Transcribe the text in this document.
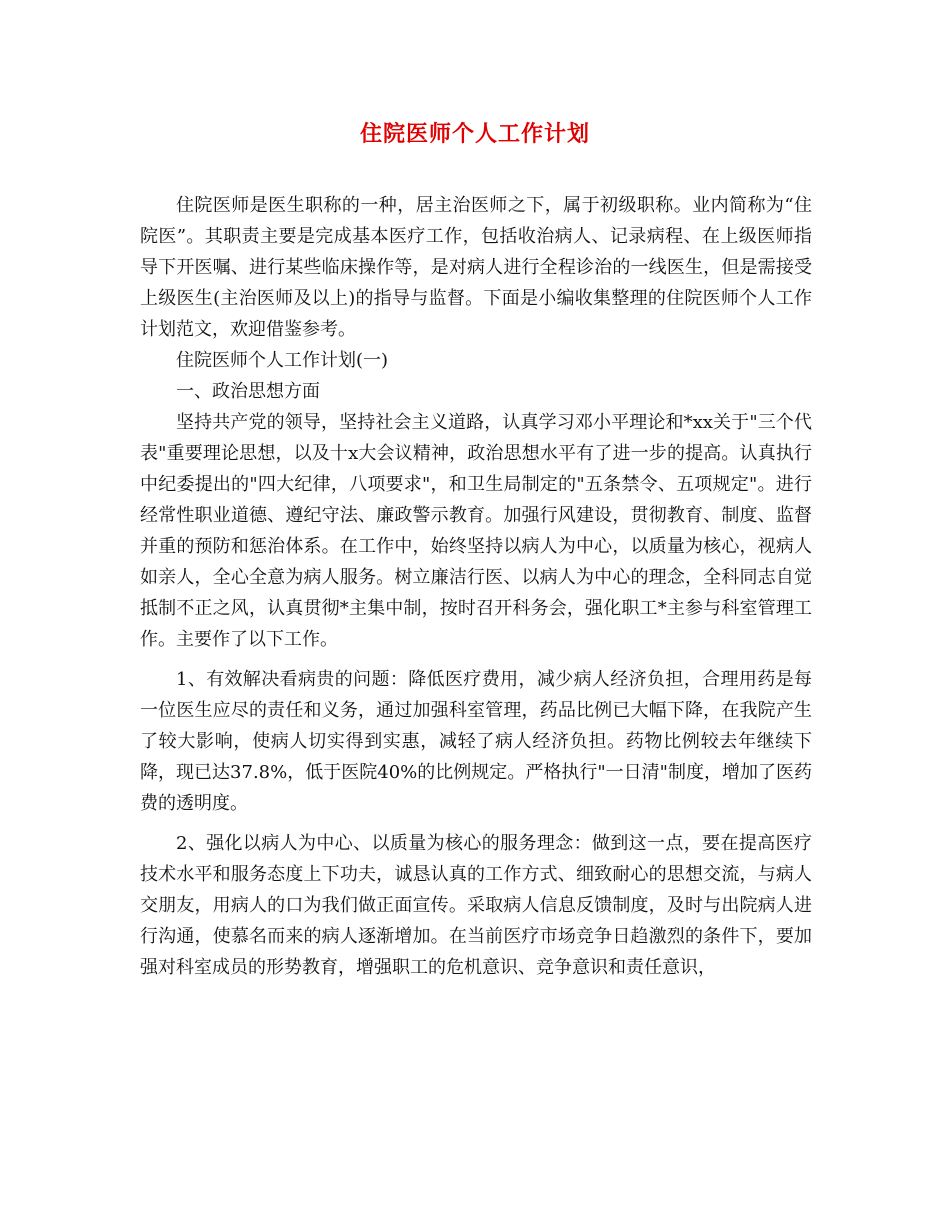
住院医师个人工作计划

住院医师是医生职称的一种，居主治医师之下，属于初级职称。业内简称为“住院医”。其职责主要是完成基本医疗工作，包括收治病人、记录病程、在上级医师指导下开医嘱、进行某些临床操作等，是对病人进行全程诊治的一线医生，但是需接受上级医生(主治医师及以上)的指导与监督。下面是小编收集整理的住院医师个人工作计划范文，欢迎借鉴参考。

住院医师个人工作计划(一)

一、政治思想方面

坚持共产党的领导，坚持社会主义道路，认真学习邓小平理论和*xx关于"三个代表"重要理论思想，以及十x大会议精神，政治思想水平有了进一步的提高。认真执行中纪委提出的"四大纪律，八项要求"，和卫生局制定的"五条禁令、五项规定"。进行经常性职业道德、遵纪守法、廉政警示教育。加强行风建设，贯彻教育、制度、监督并重的预防和惩治体系。在工作中，始终坚持以病人为中心，以质量为核心，视病人如亲人，全心全意为病人服务。树立廉洁行医、以病人为中心的理念，全科同志自觉抵制不正之风，认真贯彻*主集中制，按时召开科务会，强化职工*主参与科室管理工作。主要作了以下工作。

1、有效解决看病贵的问题：降低医疗费用，减少病人经济负担，合理用药是每一位医生应尽的责任和义务，通过加强科室管理，药品比例已大幅下降，在我院产生了较大影响，使病人切实得到实惠，减轻了病人经济负担。药物比例较去年继续下降，现已达37.8%，低于医院40%的比例规定。严格执行"一日清"制度，增加了医药费的透明度。

2、强化以病人为中心、以质量为核心的服务理念：做到这一点，要在提高医疗技术水平和服务态度上下功夫，诚恳认真的工作方式、细致耐心的思想交流，与病人交朋友，用病人的口为我们做正面宣传。采取病人信息反馈制度，及时与出院病人进行沟通，使慕名而来的病人逐渐增加。在当前医疗市场竞争日趋激烈的条件下，要加强对科室成员的形势教育，增强职工的危机意识、竞争意识和责任意识，
